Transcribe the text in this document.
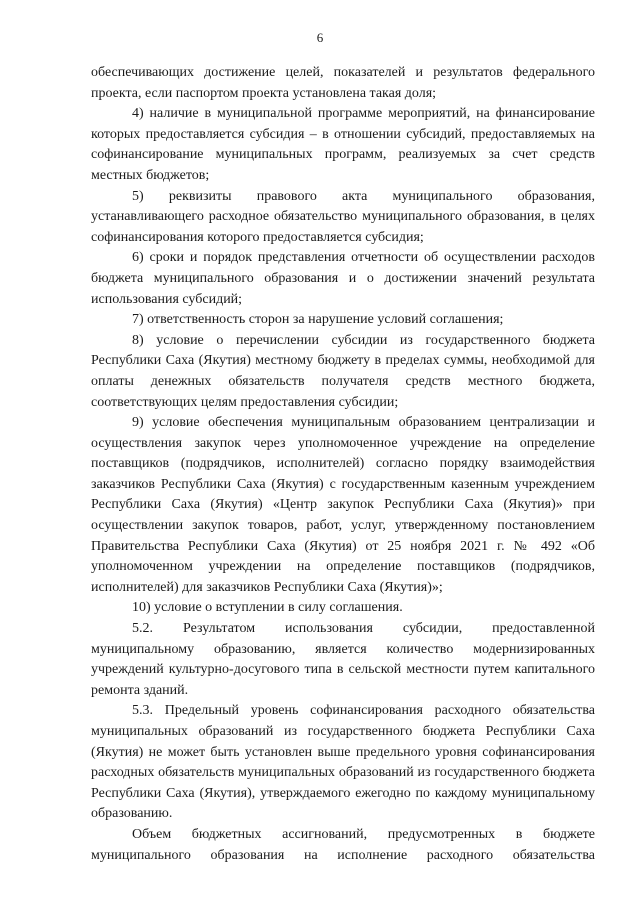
6

обеспечивающих достижение целей, показателей и результатов федерального проекта, если паспортом проекта установлена такая доля;

4) наличие в муниципальной программе мероприятий, на финансирование которых предоставляется субсидия – в отношении субсидий, предоставляемых на софинансирование муниципальных программ, реализуемых за счет средств местных бюджетов;

5) реквизиты правового акта муниципального образования, устанавливающего расходное обязательство муниципального образования, в целях софинансирования которого предоставляется субсидия;

6) сроки и порядок представления отчетности об осуществлении расходов бюджета муниципального образования и о достижении значений результата использования субсидий;

7) ответственность сторон за нарушение условий соглашения;

8) условие о перечислении субсидии из государственного бюджета Республики Саха (Якутия) местному бюджету в пределах суммы, необходимой для оплаты денежных обязательств получателя средств местного бюджета, соответствующих целям предоставления субсидии;

9) условие обеспечения муниципальным образованием централизации и осуществления закупок через уполномоченное учреждение на определение поставщиков (подрядчиков, исполнителей) согласно порядку взаимодействия заказчиков Республики Саха (Якутия) с государственным казенным учреждением Республики Саха (Якутия) «Центр закупок Республики Саха (Якутия)» при осуществлении закупок товаров, работ, услуг, утвержденному постановлением Правительства Республики Саха (Якутия) от 25 ноября 2021 г. № 492 «Об уполномоченном учреждении на определение поставщиков (подрядчиков, исполнителей) для заказчиков Республики Саха (Якутия)»;

10) условие о вступлении в силу соглашения.

5.2. Результатом использования субсидии, предоставленной муниципальному образованию, является количество модернизированных учреждений культурно-досугового типа в сельской местности путем капитального ремонта зданий.

5.3. Предельный уровень софинансирования расходного обязательства муниципальных образований из государственного бюджета Республики Саха (Якутия) не может быть установлен выше предельного уровня софинансирования расходных обязательств муниципальных образований из государственного бюджета Республики Саха (Якутия), утверждаемого ежегодно по каждому муниципальному образованию.

Объем бюджетных ассигнований, предусмотренных в бюджете муниципального образования на исполнение расходного обязательства
